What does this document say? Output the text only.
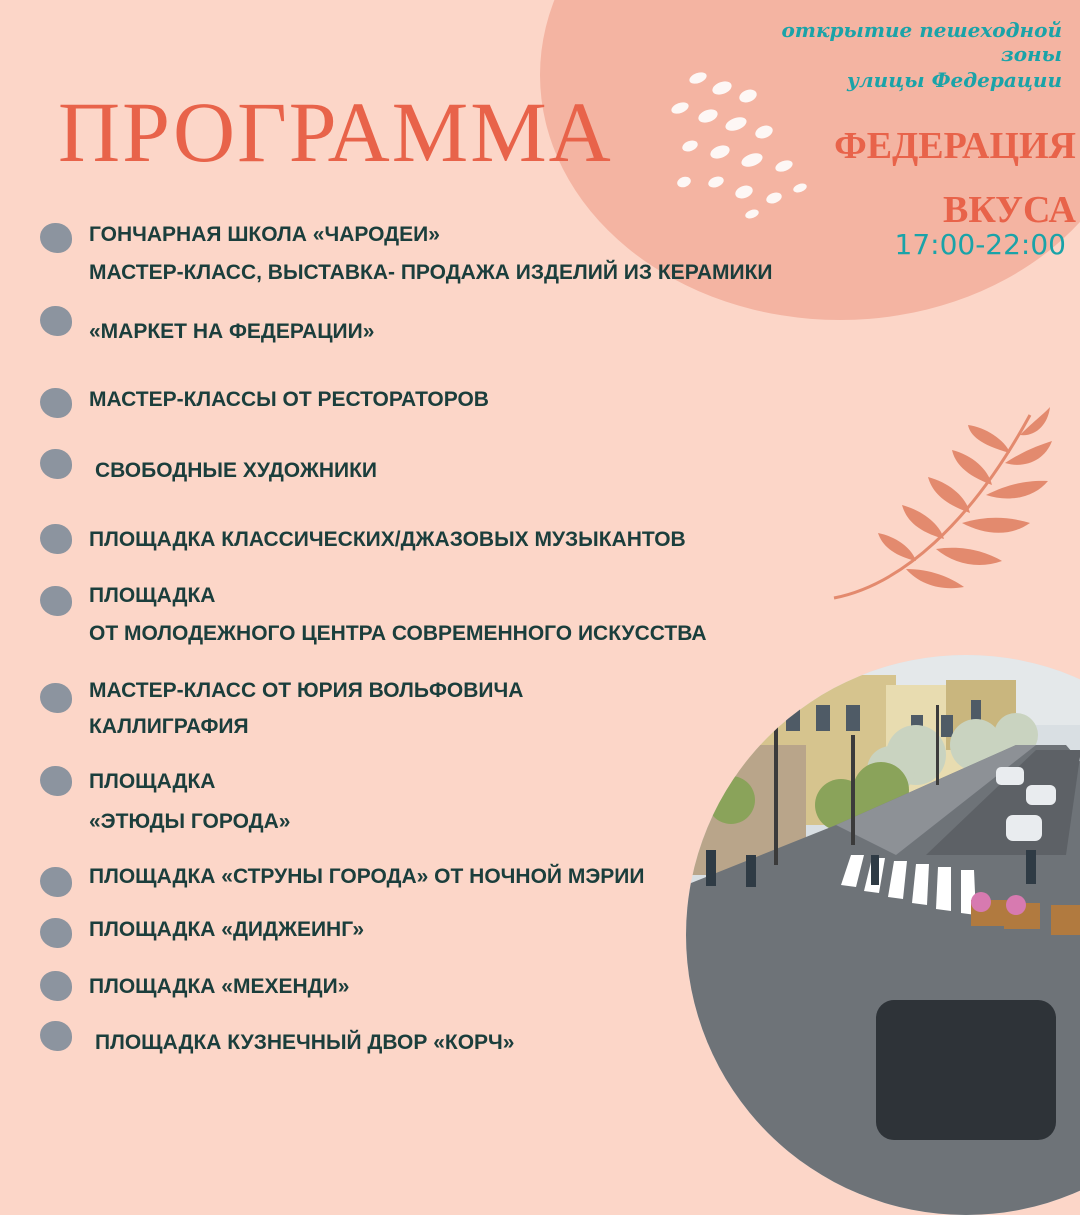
ПРОГРАММА

открытие пешеходной зоны

улицы Федерации

ФЕДЕРАЦИЯ

ВКУСА

17:00-22:00
ГОНЧАРНАЯ ШКОЛА «ЧАРОДЕИ»
МАСТЕР-КЛАСС, ВЫСТАВКА- ПРОДАЖА ИЗДЕЛИЙ ИЗ КЕРАМИКИ
«МАРКЕТ НА ФЕДЕРАЦИИ»
МАСТЕР-КЛАССЫ ОТ РЕСТОРАТОРОВ
СВОБОДНЫЕ ХУДОЖНИКИ
ПЛОЩАДКА КЛАССИЧЕСКИХ/ДЖАЗОВЫХ МУЗЫКАНТОВ
ПЛОЩАДКА
ОТ МОЛОДЕЖНОГО ЦЕНТРА СОВРЕМЕННОГО ИСКУССТВА
МАСТЕР-КЛАСС ОТ ЮРИЯ ВОЛЬФОВИЧА
КАЛЛИГРАФИЯ
ПЛОЩАДКА
«ЭТЮДЫ ГОРОДА»
ПЛОЩАДКА «СТРУНЫ ГОРОДА» ОТ НОЧНОЙ МЭРИИ
ПЛОЩАДКА «ДИДЖЕИНГ»
ПЛОЩАДКА «МЕХЕНДИ»
ПЛОЩАДКА КУЗНЕЧНЫЙ ДВОР «КОРЧ»
